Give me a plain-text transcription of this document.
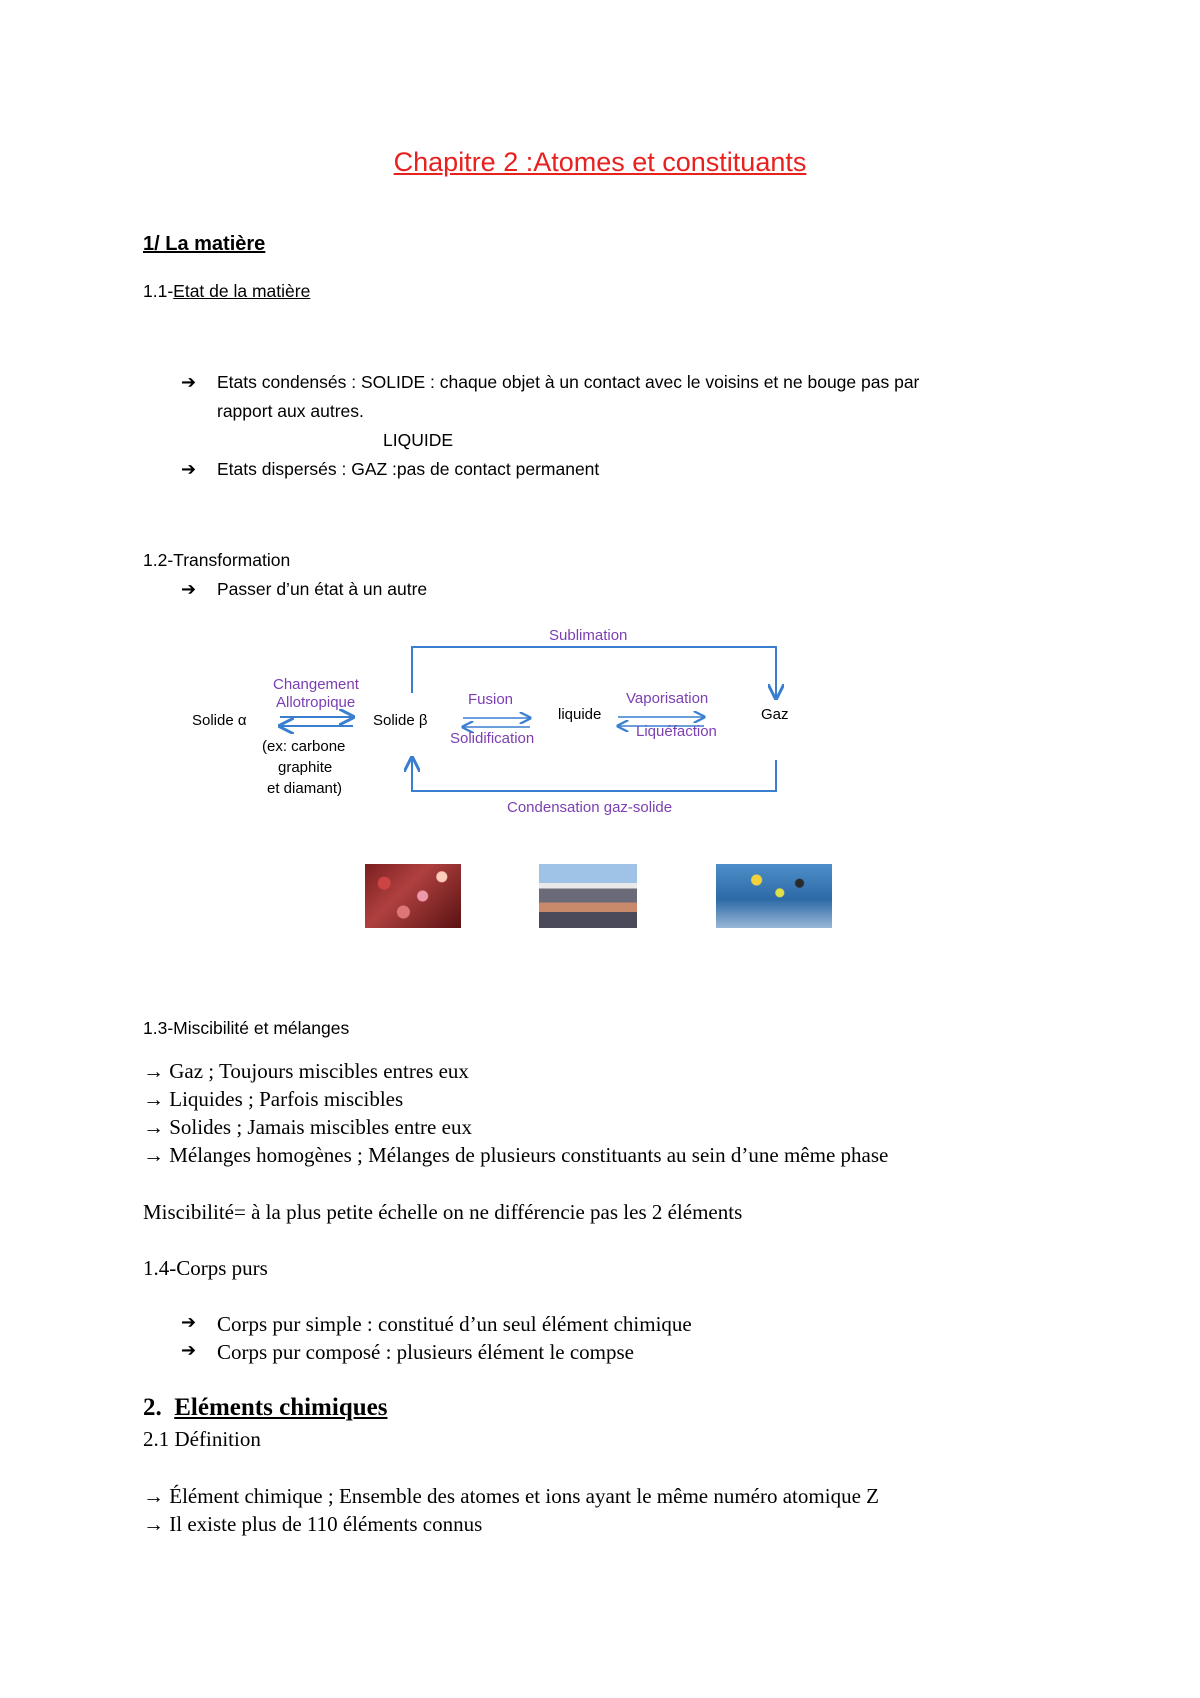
Chapitre 2 :Atomes et constituants
1/ La matière
1.1-Etat de la matière
➔ Etats condensés : SOLIDE : chaque objet à un contact avec le voisins et ne bouge pas par
rapport aux autres.
LIQUIDE
➔ Etats dispersés : GAZ :pas de contact permanent
1.2-Transformation
➔ Passer d’un état à un autre
Sublimation
Changement
Allotropique
Solide α	Solide β
(ex: carbone
graphite
et diamant)
Fusion
Solidification
liquide
Vaporisation
Liquéfaction
Gaz
Condensation gaz-solide
1.3-Miscibilité et mélanges
→ Gaz ; Toujours miscibles entres eux
→ Liquides ; Parfois miscibles
→ Solides ; Jamais miscibles entre eux
→ Mélanges homogènes ; Mélanges de plusieurs constituants au sein d’une même phase
Miscibilité= à la plus petite échelle on ne différencie pas les 2 éléments
1.4-Corps purs
➔ Corps pur simple : constitué d’un seul élément chimique
➔ Corps pur composé : plusieurs élément le compse
2. Eléments chimiques
2.1 Définition
→ Élément chimique ; Ensemble des atomes et ions ayant le même numéro atomique Z
→ Il existe plus de 110 éléments connus
